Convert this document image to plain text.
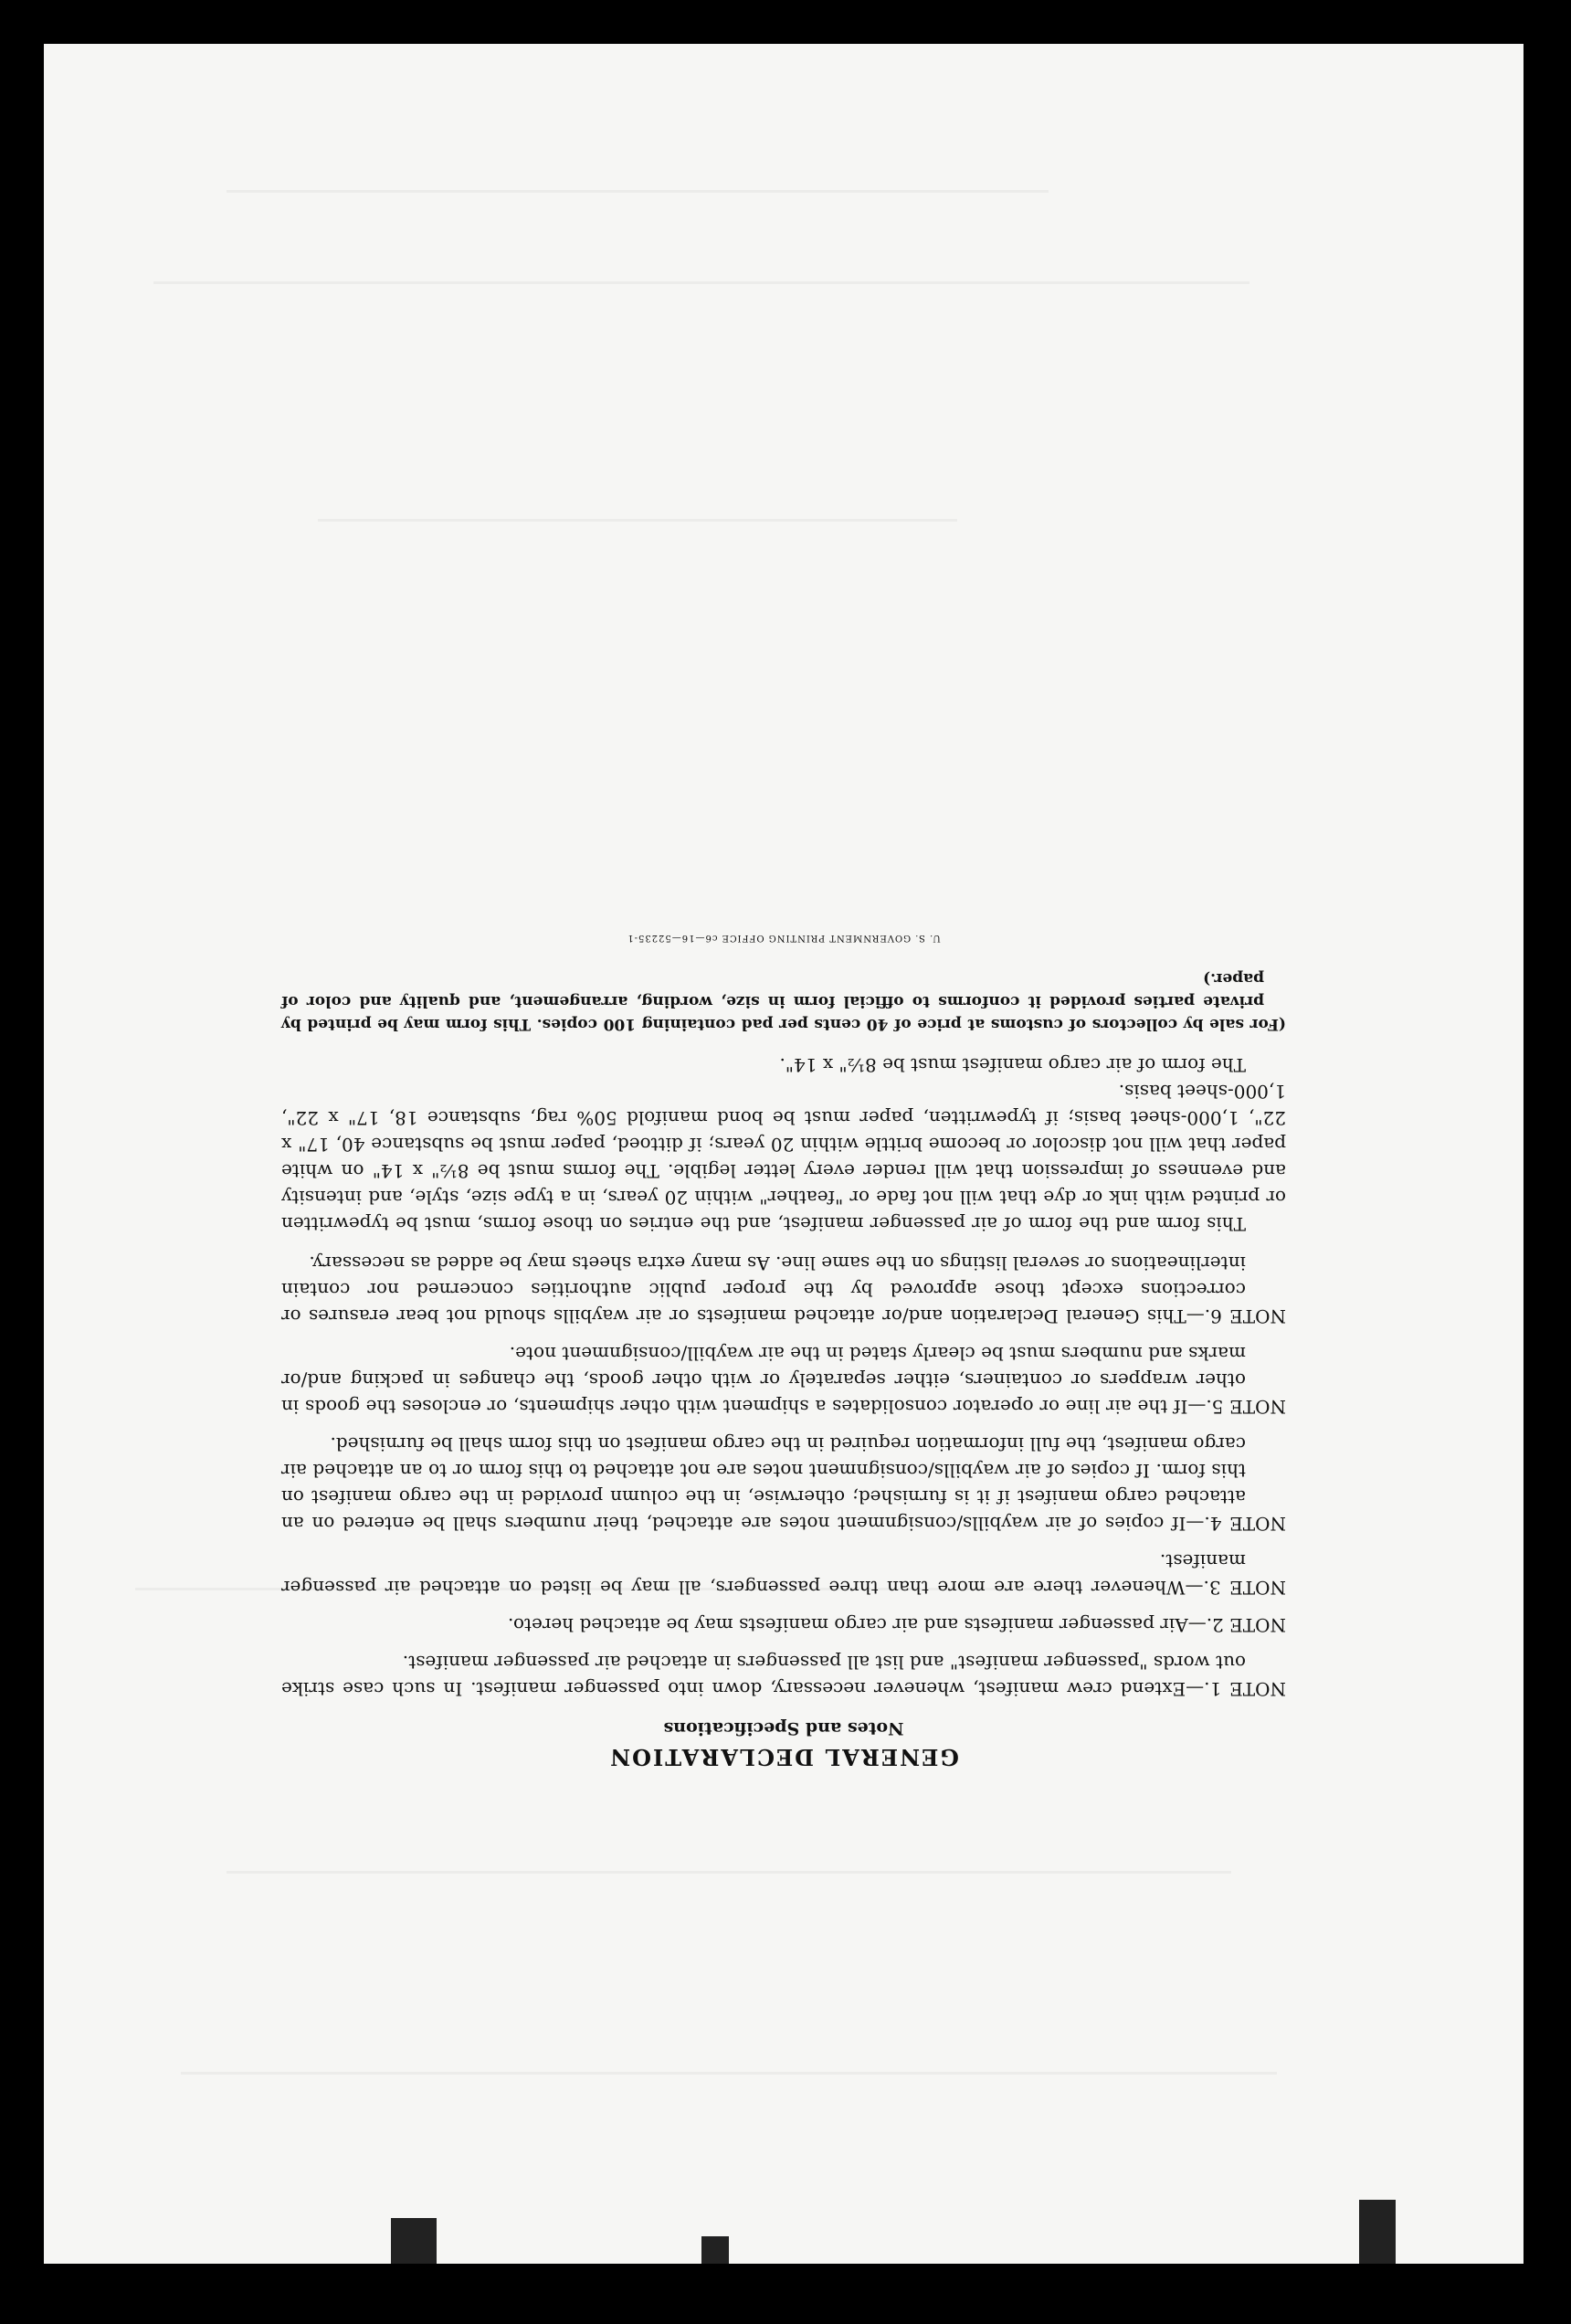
GENERAL DECLARATION
Notes and Specifications

NOTE 1.—Extend crew manifest, whenever necessary, down into passenger manifest. In such case strike out words "passenger manifest" and list all passengers in attached air passenger manifest.

NOTE 2.—Air passenger manifests and air cargo manifests may be attached hereto.

NOTE 3.—Whenever there are more than three passengers, all may be listed on attached air passenger manifest.

NOTE 4.—If copies of air waybills/consignment notes are attached, their numbers shall be entered on an attached cargo manifest if it is furnished; otherwise, in the column provided in the cargo manifest on this form. If copies of air waybills/consignment notes are not attached to this form or to an attached air cargo manifest, the full information required in the cargo manifest on this form shall be furnished.

NOTE 5.—If the air line or operator consolidates a shipment with other shipments, or encloses the goods in other wrappers or containers, either separately or with other goods, the changes in packing and/or marks and numbers must be clearly stated in the air waybill/consignment note.

NOTE 6.—This General Declaration and/or attached manifests or air waybills should not bear erasures or corrections except those approved by the proper public authorities concerned nor contain interlineations or several listings on the same line. As many extra sheets may be added as necessary.

This form and the form of air passenger manifest, and the entries on those forms, must be typewritten or printed with ink or dye that will not fade or "feather" within 20 years, in a type size, style, and intensity and evenness of impression that will render every letter legible. The forms must be 8½" x 14" on white paper that will not discolor or become brittle within 20 years; if dittoed, paper must be substance 40, 17" x 22", 1,000-sheet basis; if typewritten, paper must be bond manifold 50% rag, substance 18, 17" x 22", 1,000-sheet basis.

The form of air cargo manifest must be 8½" x 14".

(For sale by collectors of customs at price of 40 cents per pad containing 100 copies. This form may be printed by private parties provided it conforms to official form in size, wording, arrangement, and quality and color of paper.)

U. S. GOVERNMENT PRINTING OFFICE c6—16—52235-1
